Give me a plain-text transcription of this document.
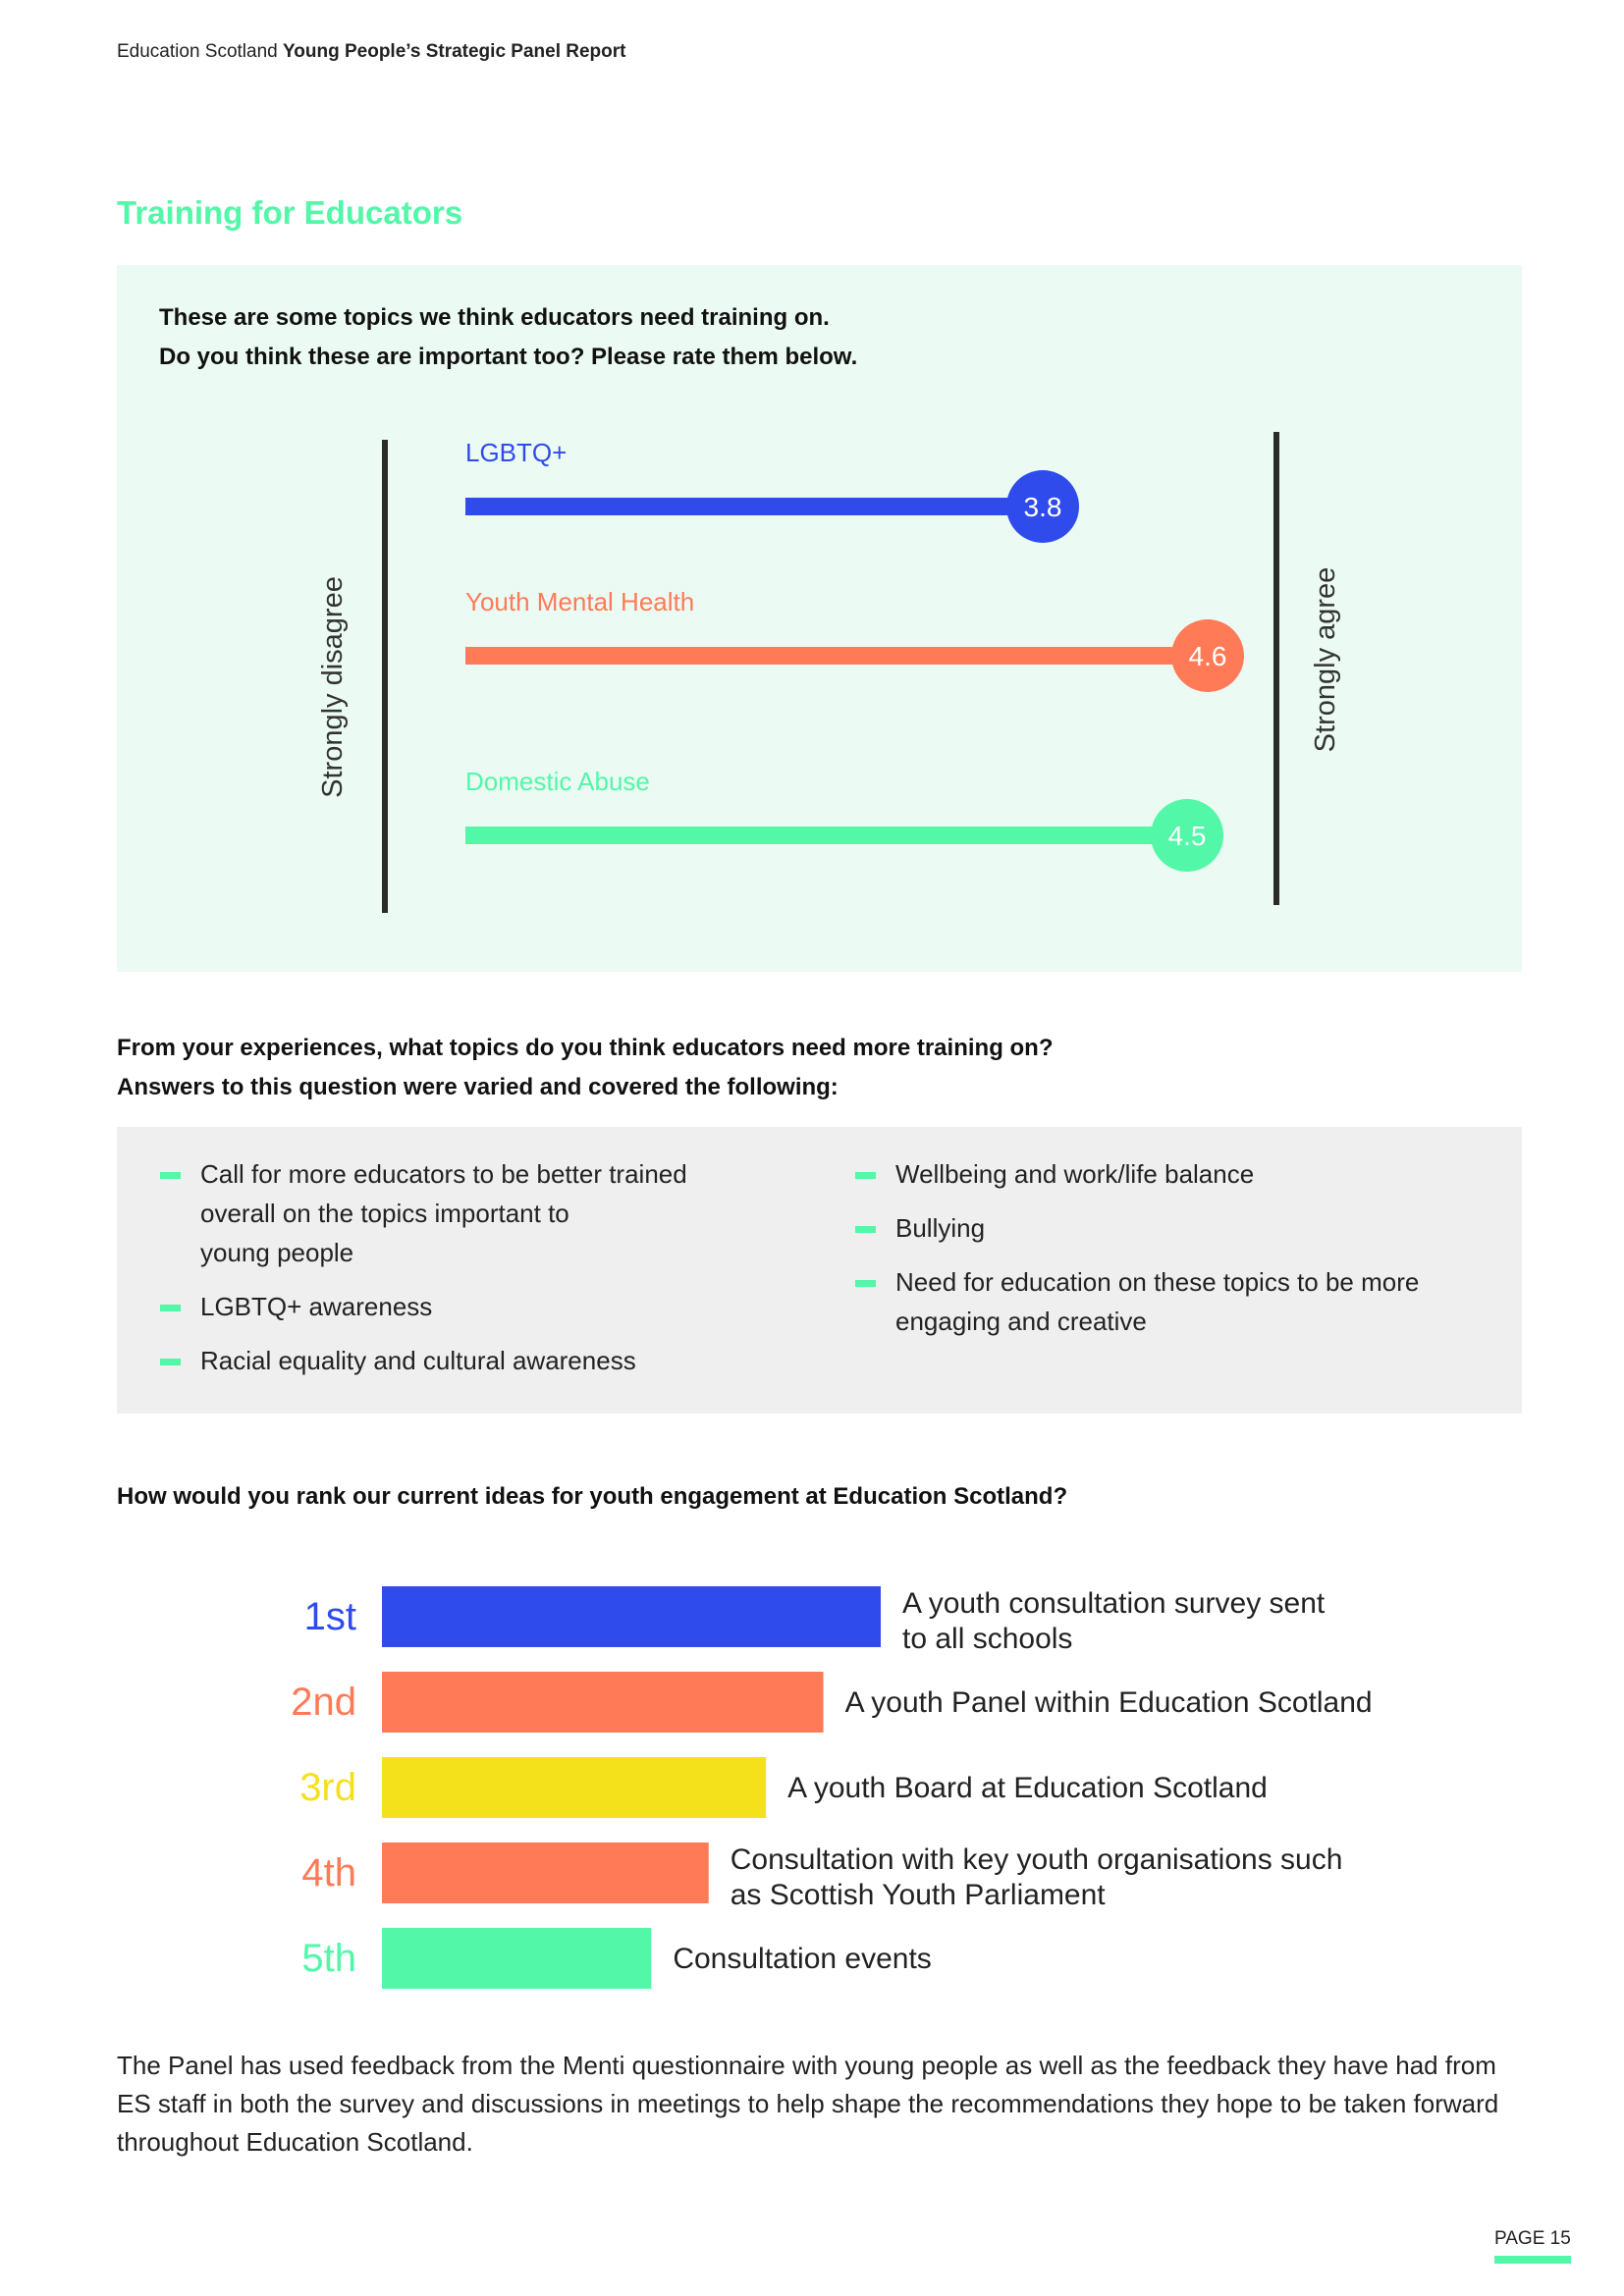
Education Scotland Young People’s Strategic Panel Report
Training for Educators
These are some topics we think educators need training on.
Do you think these are important too? Please rate them below.
Strongly disagree	Strongly agree
LGBTQ+
3.8
Youth Mental Health
4.6
Domestic Abuse
4.5
From your experiences, what topics do you think educators need more training on?
Answers to this question were varied and covered the following:
Call for more educators to be better trained
overall on the topics important to
young people
LGBTQ+ awareness
Racial equality and cultural awareness
Wellbeing and work/life balance
Bullying
Need for education on these topics to be more
engaging and creative
How would you rank our current ideas for youth engagement at Education Scotland?
1st	A youth consultation survey sent
to all schools
2nd	A youth Panel within Education Scotland
3rd	A youth Board at Education Scotland
4th	Consultation with key youth organisations such
as Scottish Youth Parliament
5th	Consultation events

The Panel has used feedback from the Menti questionnaire with young people as well as the feedback they have had from ES staff in both the survey and discussions in meetings to help shape the recommendations they hope to be taken forward throughout Education Scotland.

PAGE 15
